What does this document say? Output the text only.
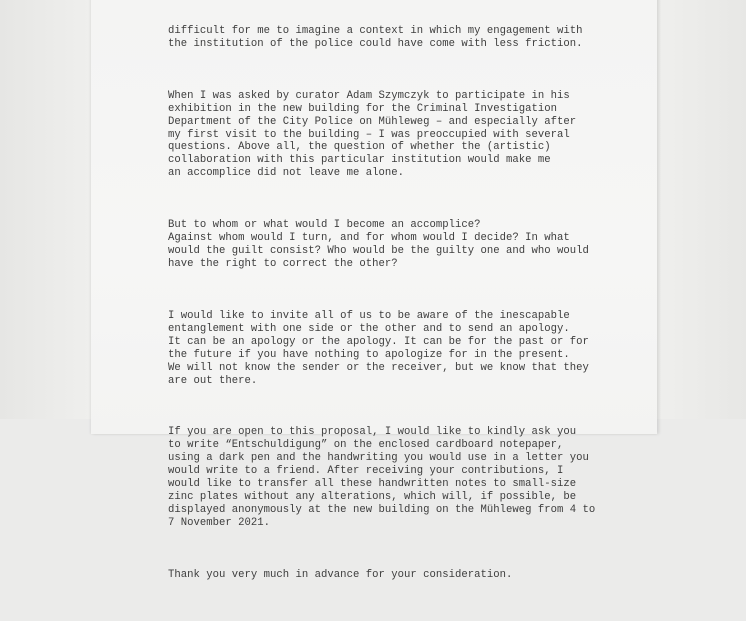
difficult for me to imagine a context in which my engagement with
the institution of the police could have come with less friction.

When I was asked by curator Adam Szymczyk to participate in his
exhibition in the new building for the Criminal Investigation
Department of the City Police on Mühleweg – and especially after
my first visit to the building – I was preoccupied with several
questions. Above all, the question of whether the (artistic)
collaboration with this particular institution would make me
an accomplice did not leave me alone.

But to whom or what would I become an accomplice?
Against whom would I turn, and for whom would I decide? In what
would the guilt consist? Who would be the guilty one and who would
have the right to correct the other?

I would like to invite all of us to be aware of the inescapable
entanglement with one side or the other and to send an apology.
It can be an apology or the apology. It can be for the past or for
the future if you have nothing to apologize for in the present.
We will not know the sender or the receiver, but we know that they
are out there.

If you are open to this proposal, I would like to kindly ask you
to write “Entschuldigung” on the enclosed cardboard notepaper,
using a dark pen and the handwriting you would use in a letter you
would write to a friend. After receiving your contributions, I
would like to transfer all these handwritten notes to small-size
zinc plates without any alterations, which will, if possible, be
displayed anonymously at the new building on the Mühleweg from 4 to
7 November 2021.

Thank you very much in advance for your consideration.
